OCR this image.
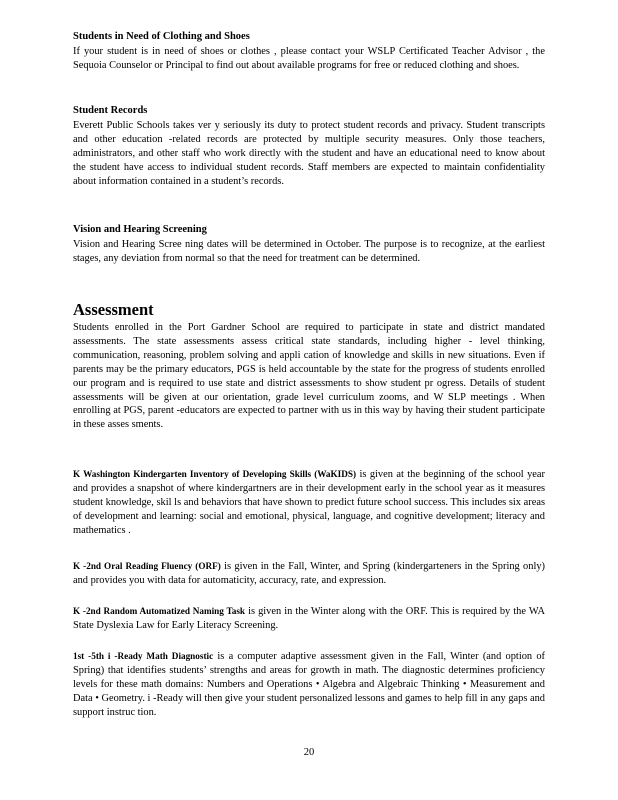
Students in Need of Clothing and Shoes

If your student is in need of shoes or clothes , please contact your WSLP Certificated Teacher Advisor , the Sequoia Counselor or Principal to find out about available programs for free or reduced clothing and shoes.

Student Records

Everett Public Schools takes ver y seriously its duty to protect student records and privacy. Student transcripts and other education -related records are protected by multiple security measures. Only those teachers, administrators, and other staff who work directly with the student and have an educational need to know about the student have access to individual student records. Staff members are expected to maintain confidentiality about information contained in a student’s records.

Vision and Hearing Screening

Vision and Hearing Scree ning dates will be determined in October. The purpose is to recognize, at the earliest stages, any deviation from normal so that the need for treatment can be determined.

Assessment

Students enrolled in the Port Gardner School are required to participate in state and district mandated assessments. The state assessments assess critical state standards, including higher - level thinking, communication, reasoning, problem solving and appli cation of knowledge and skills in new situations. Even if parents may be the primary educators, PGS is held accountable by the state for the progress of students enrolled our program and is required to use state and district assessments to show student pr ogress. Details of student assessments will be given at our orientation, grade level curriculum zooms, and W SLP meetings . When enrolling at PGS, parent -educators are expected to partner with us in this way by having their student participate in these asses sments.

K Washington Kindergarten Inventory of Developing Skills (WaKIDS) is given at the beginning of the school year and provides a snapshot of where kindergartners are in their development early in the school year as it measures student knowledge, skil ls and behaviors that have shown to predict future school success. This includes six areas of development and learning: social and emotional, physical, language, and cognitive development; literacy and mathematics .

K -2nd Oral Reading Fluency (ORF) is given in the Fall, Winter, and Spring (kindergarteners in the Spring only) and provides you with data for automaticity, accuracy, rate, and expression.

K -2nd Random Automatized Naming Task is given in the Winter along with the ORF. This is required by the WA State Dyslexia Law for Early Literacy Screening.

1st -5th i -Ready Math Diagnostic is a computer adaptive assessment given in the Fall, Winter (and option of Spring) that identifies students’ strengths and areas for growth in math. The diagnostic determines proficiency levels for these math domains: Numbers and Operations • Algebra and Algebraic Thinking • Measurement and Data • Geometry. i -Ready will then give your student personalized lessons and games to help fill in any gaps and support instruc tion.

20
